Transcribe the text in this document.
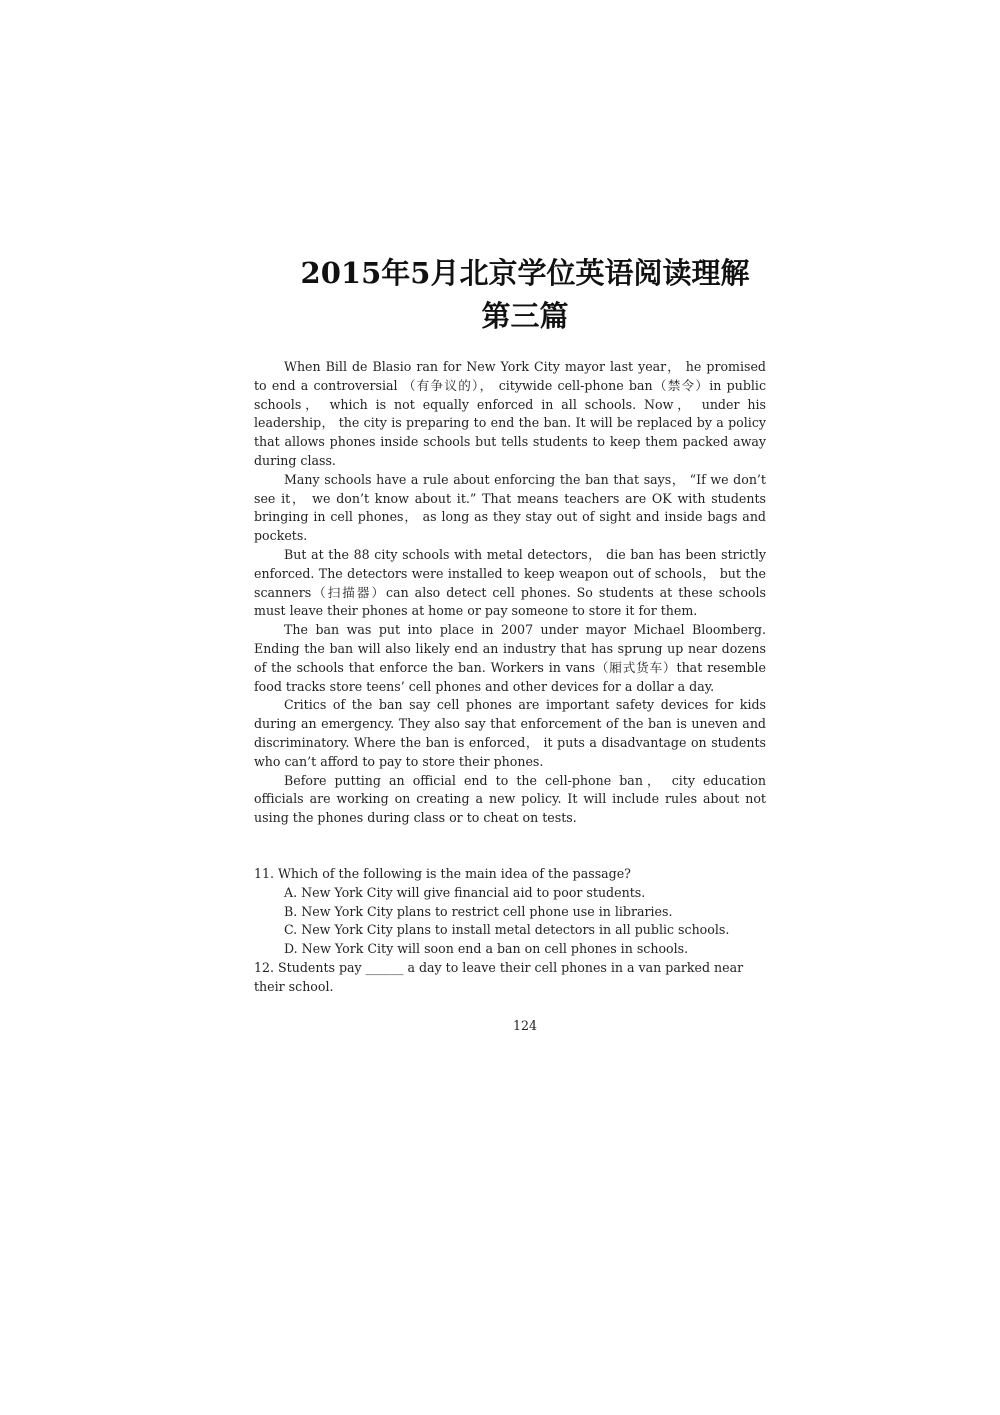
2015年5月北京学位英语阅读理解
第三篇

When Bill de Blasio ran for New York City mayor last year， he promised to end a controversial （有争议的）， citywide cell-phone ban（禁令）in public schools， which is not equally enforced in all schools. Now， under his leadership， the city is preparing to end the ban. It will be replaced by a policy that allows phones inside schools but tells students to keep them packed away during class.

Many schools have a rule about enforcing the ban that says， “If we don’t see it， we don’t know about it.” That means teachers are OK with students bringing in cell phones， as long as they stay out of sight and inside bags and pockets.

But at the 88 city schools with metal detectors， die ban has been strictly enforced. The detectors were installed to keep weapon out of schools， but the scanners（扫描器）can also detect cell phones. So students at these schools must leave their phones at home or pay someone to store it for them.

The ban was put into place in 2007 under mayor Michael Bloomberg. Ending the ban will also likely end an industry that has sprung up near dozens of the schools that enforce the ban. Workers in vans（厢式货车）that resemble food tracks store teens’ cell phones and other devices for a dollar a day.

Critics of the ban say cell phones are important safety devices for kids during an emergency. They also say that enforcement of the ban is uneven and discriminatory. Where the ban is enforced， it puts a disadvantage on students who can’t afford to pay to store their phones.

Before putting an official end to the cell-phone ban， city education officials are working on creating a new policy. It will include rules about not using the phones during class or to cheat on tests.

11. Which of the following is the main idea of the passage?

A. New York City will give financial aid to poor students.

B. New York City plans to restrict cell phone use in libraries.

C. New York City plans to install metal detectors in all public schools.

D. New York City will soon end a ban on cell phones in schools.

12. Students pay ______ a day to leave their cell phones in a van parked near their school.

124
